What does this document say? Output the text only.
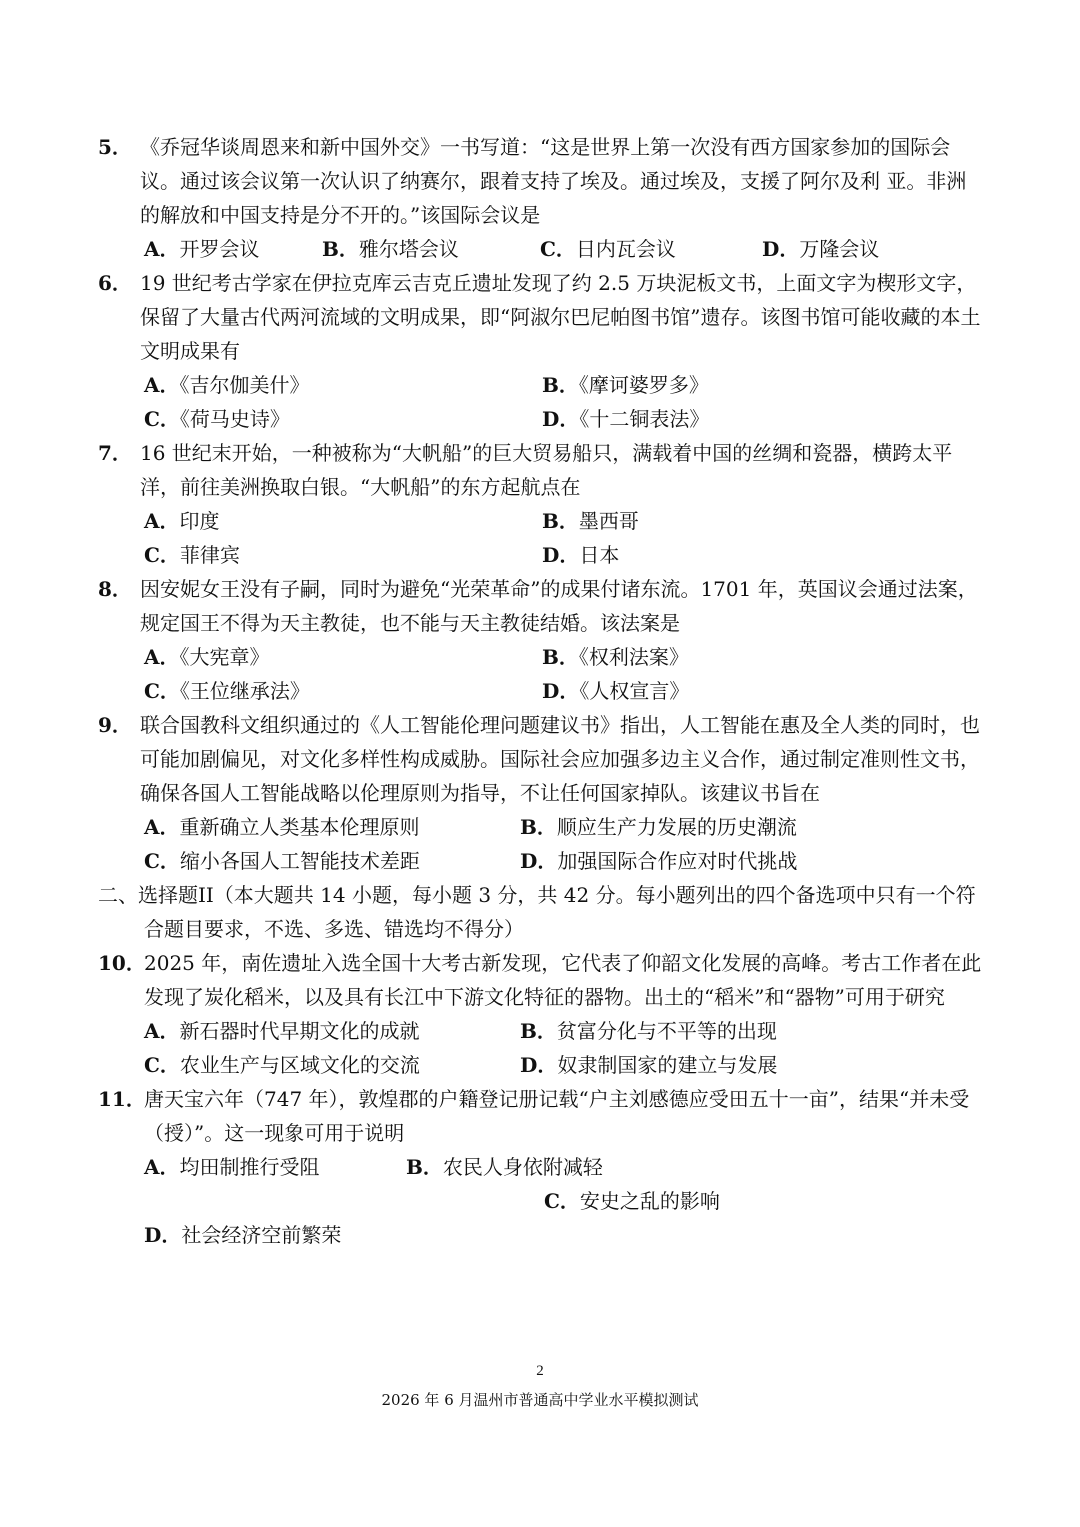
5． 《乔冠华谈周恩来和新中国外交》一书写道：“这是世界上第一次没有西方国家参加的国际会议。通过该会议第一次认识了纳赛尔，跟着支持了埃及。通过埃及，支援了阿尔及利 亚。非洲的解放和中国支持是分不开的。”该国际会议是
A．开罗会议	B．雅尔塔会议	C．日内瓦会议	D．万隆会议
6． 19 世纪考古学家在伊拉克库云吉克丘遗址发现了约 2.5 万块泥板文书，上面文字为楔形文字，保留了大量古代两河流域的文明成果，即“阿淑尔巴尼帕图书馆”遗存。该图书馆可能收藏的本土文明成果有
A．《吉尔伽美什》	B．《摩诃婆罗多》
C．《荷马史诗》	D．《十二铜表法》
7． 16 世纪末开始，一种被称为“大帆船”的巨大贸易船只，满载着中国的丝绸和瓷器，横跨太平洋，前往美洲换取白银。“大帆船”的东方起航点在
A．印度	B．墨西哥
C．菲律宾	D．日本
8． 因安妮女王没有子嗣，同时为避免“光荣革命”的成果付诸东流。1701 年，英国议会通过法案，规定国王不得为天主教徒，也不能与天主教徒结婚。该法案是
A．《大宪章》	B．《权利法案》
C．《王位继承法》	D．《人权宣言》
9． 联合国教科文组织通过的《人工智能伦理问题建议书》指出，人工智能在惠及全人类的同时，也可能加剧偏见，对文化多样性构成威胁。国际社会应加强多边主义合作，通过制定准则性文书，确保各国人工智能战略以伦理原则为指导，不让任何国家掉队。该建议书旨在
A．重新确立人类基本伦理原则	B．顺应生产力发展的历史潮流
C．缩小各国人工智能技术差距	D．加强国际合作应对时代挑战
二、选择题II（本大题共 14 小题，每小题 3 分，共 42 分。每小题列出的四个备选项中只有一个符合题目要求，不选、多选、错选均不得分）
10．
2025 年，南佐遗址入选全国十大考古新发现，它代表了仰韶文化发展的高峰。考古工作者在此发现了炭化稻米，以及具有长江中下游文化特征的器物。出土的“稻米”和“器物”可用于研究
A．新石器时代早期文化的成就	B．贫富分化与不平等的出现
C．农业生产与区域文化的交流	D．奴隶制国家的建立与发展
11．
唐天宝六年（747 年），敦煌郡的户籍登记册记载“户主刘感德应受田五十一亩”，结果“并未受（授）”。这一现象可用于说明
A．均田制推行受阻	B．农民人身依附减轻
C．安史之乱的影响
D．社会经济空前繁荣
2
2026 年 6 月温州市普通高中学业水平模拟测试
